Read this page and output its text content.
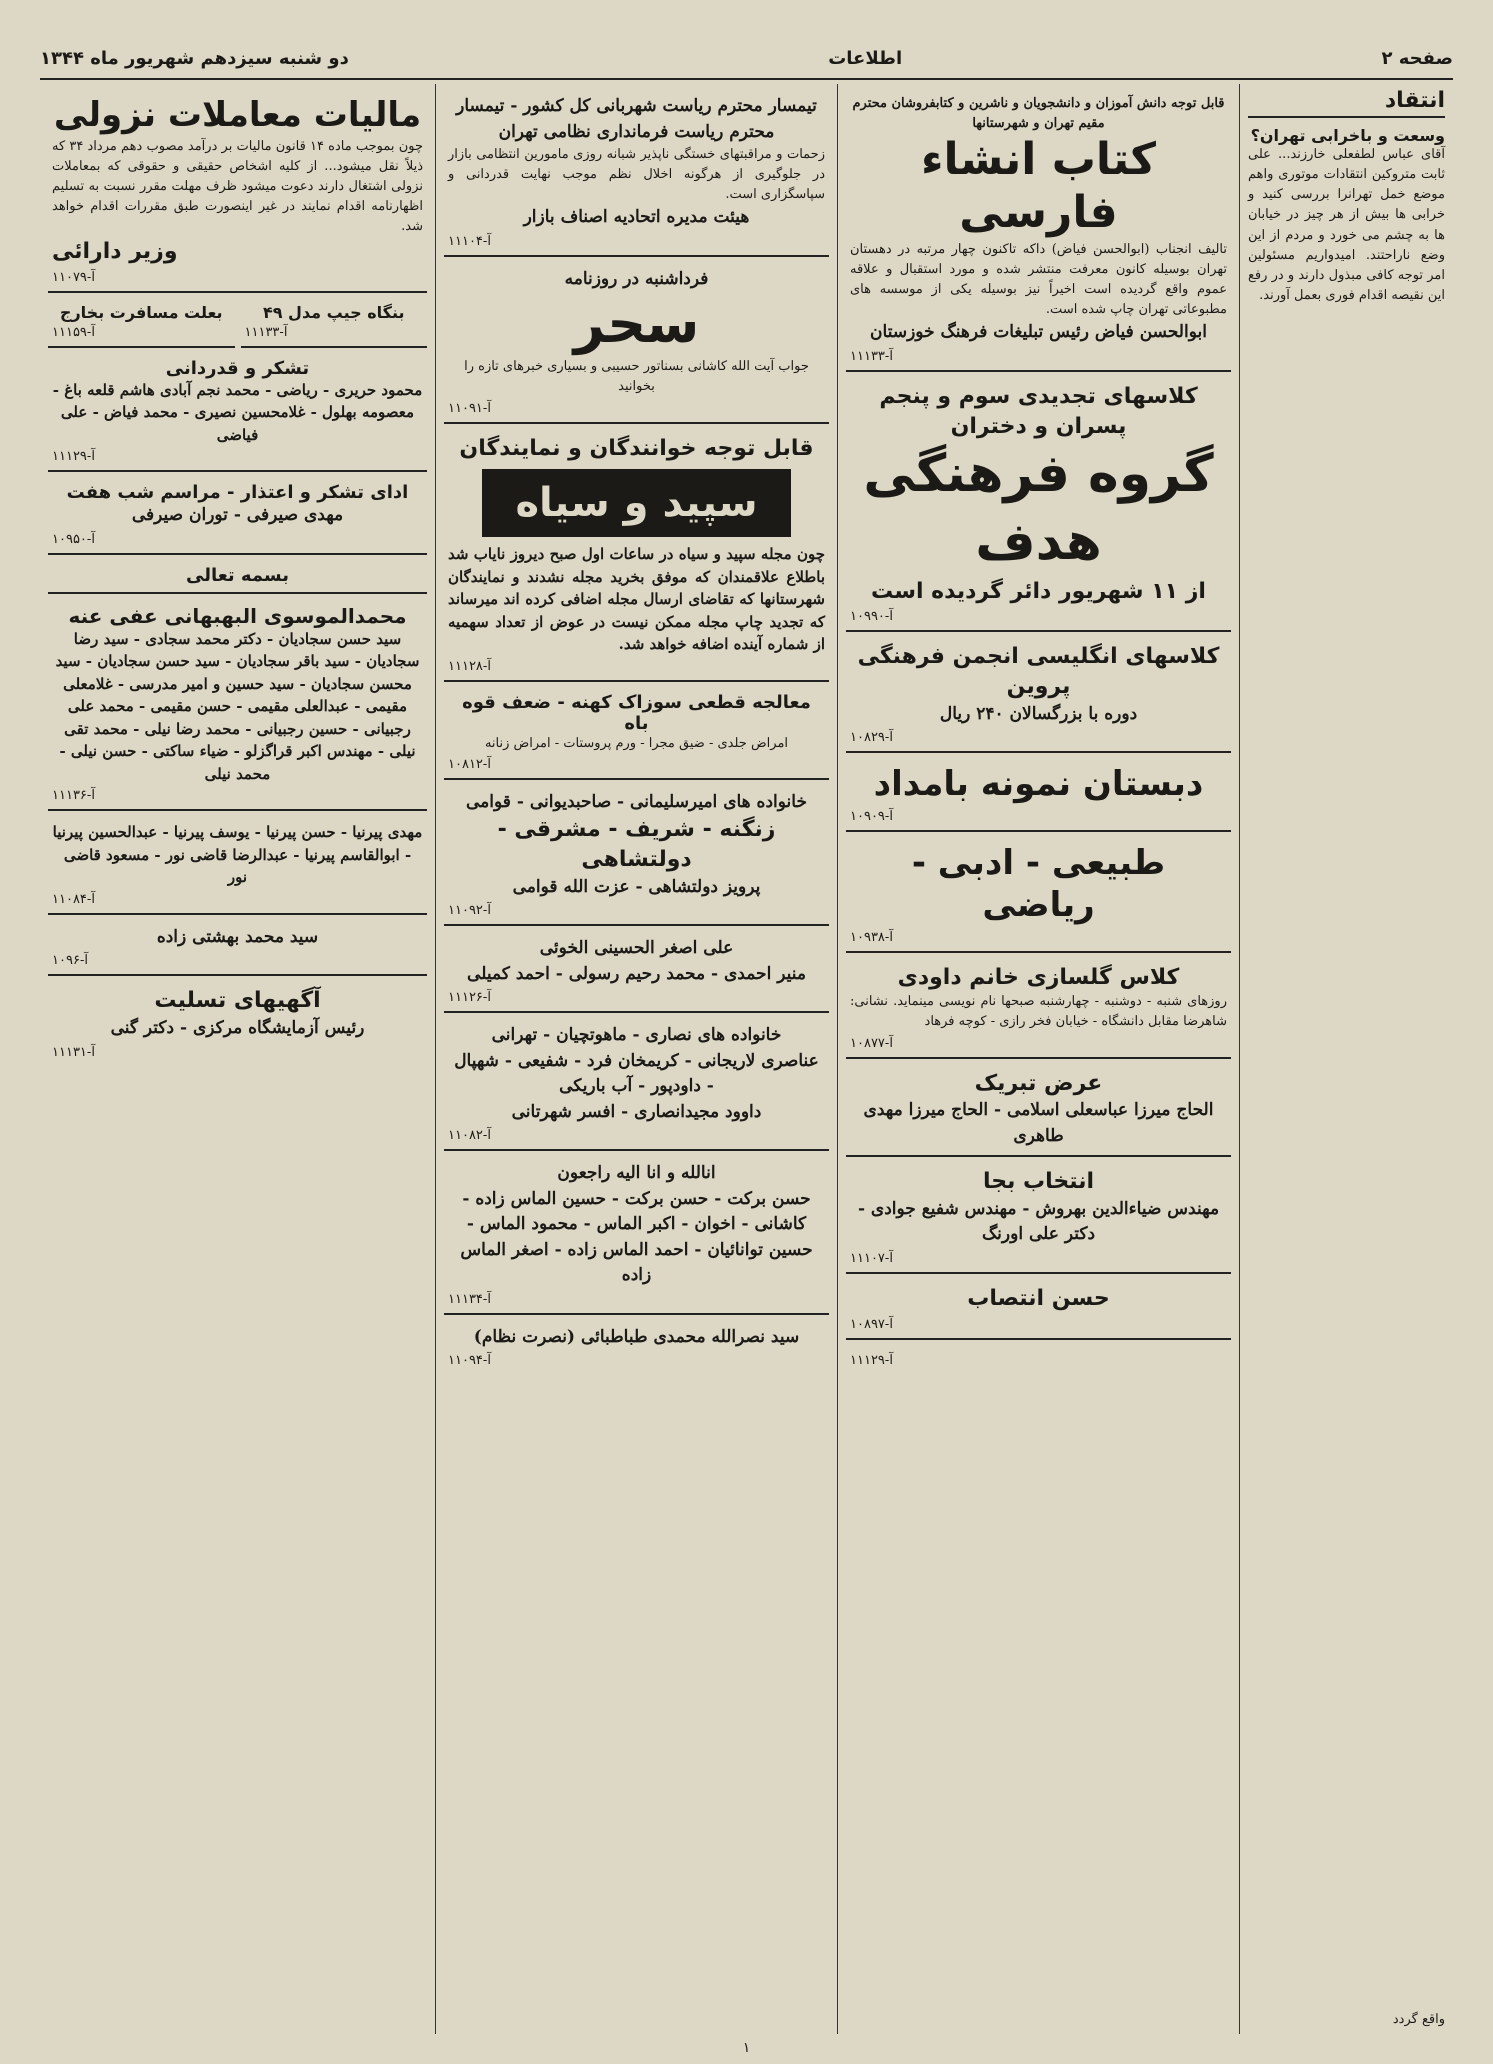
صفحه ۲
اطلاعات
دو شنبه سیزدهم شهریور ماه ۱۳۴۴
انتقاد
وسعت و باخرابی تهران؟
آقای عباس لطفعلی خارزند... علی ثابت متروکین انتقادات موتوری واهم موضع خمل تهرانرا بررسی کنید و خرابی ها بیش از هر چیز در خیابان ها به چشم می خورد و مردم از این وضع ناراحتند. امیدواریم مسئولین امر توجه کافی مبذول دارند و در رفع این نقیصه اقدام فوری بعمل آورند.
واقع گردد
قابل توجه دانش آموزان و دانشجویان و ناشرین و کتابفروشان محترم مقیم تهران و شهرستانها
کتاب انشاء فارسی
تالیف انجناب (ابوالحسن فیاض) داکه تاکنون چهار مرتبه در دهستان تهران بوسیله کانون معرفت منتشر شده و مورد استقبال و علاقه عموم واقع گردیده است اخیراً نیز بوسیله یکی از موسسه های مطبوعاتی تهران چاپ شده است.
ابوالحسن فیاض رئیس تبلیغات فرهنگ خوزستان
آ-۱۱۱۳۳
کلاسهای تجدیدی سوم و پنجم پسران و دختران
گروه فرهنگی هدف
از ۱۱ شهریور دائر گردیده است
آ-۱۰۹۹۰
کلاسهای انگلیسی انجمن فرهنگی پروین
دوره با بزرگسالان ۲۴۰ ریال
آ-۱۰۸۲۹
دبستان نمونه بامداد
آ-۱۰۹۰۹
طبیعی - ادبی - ریاضی
آ-۱۰۹۳۸
کلاس گلسازی خانم داودی
روزهای شنبه - دوشنبه - چهارشنبه صبحها نام نویسی مینماید. نشانی: شاهرضا مقابل دانشگاه - خیابان فخر رازی - کوچه فرهاد
آ-۱۰۸۷۷
عرض تبریک
الحاج میرزا عباسعلی اسلامی - الحاج میرزا مهدی طاهری
انتخاب بجا
مهندس ضیاءالدین بهروش - مهندس شفیع جوادی - دکتر علی اورنگ
آ-۱۱۱۰۷
حسن انتصاب
آ-۱۰۸۹۷
آ-۱۱۱۲۹
تیمسار محترم ریاست شهربانی کل کشور - تیمسار محترم ریاست فرمانداری نظامی تهران
زحمات و مراقبتهای خستگی ناپذیر شبانه روزی مامورین انتظامی بازار در جلوگیری از هرگونه اخلال نظم موجب نهایت قدردانی و سپاسگزاری است.
هیئت مدیره اتحادیه اصناف بازار
آ-۱۱۱۰۴
فرداشنبه در روزنامه
سحر
جواب آیت الله کاشانی بسناتور حسیبی و بسیاری خبرهای تازه را بخوانید
آ-۱۱۰۹۱
قابل توجه خوانندگان و نمایندگان
سپید و سیاه
چون مجله سپید و سیاه در ساعات اول صبح دیروز نایاب شد باطلاع علاقمندان که موفق بخرید مجله نشدند و نمایندگان شهرستانها که تقاضای ارسال مجله اضافی کرده اند میرساند که تجدید چاپ مجله ممکن نیست در عوض از تعداد سهمیه از شماره آینده اضافه خواهد شد.
آ-۱۱۱۲۸
معالجه قطعی سوزاک کهنه - ضعف قوه باه
امراض جلدی - ضیق مجرا - ورم پروستات - امراض زنانه
آ-۱۰۸۱۲
خانواده های امیرسلیمانی - صاحبدیوانی - قوامی
زنگنه - شریف - مشرقی - دولتشاهی
پرویز دولتشاهی - عزت الله قوامی
آ-۱۱۰۹۲
علی اصغر الحسینی الخوئی
منیر احمدی - محمد رحیم رسولی - احمد کمیلی
آ-۱۱۱۲۶
خانواده های نصاری - ماهوتچیان - تهرانی
عناصری لاریجانی - کریمخان فرد - شفیعی - شهپال - داودپور - آب باریکی
داوود مجیدانصاری - افسر شهرتانی
آ-۱۱۰۸۲
انالله و انا الیه راجعون
حسن برکت - حسن برکت - حسین الماس زاده - کاشانی - اخوان - اکبر الماس - محمود الماس - حسین توانائیان - احمد الماس زاده - اصغر الماس زاده
آ-۱۱۱۳۴
سید نصرالله محمدی طباطبائی (نصرت نظام)
آ-۱۱۰۹۴
مالیات معاملات نزولی
چون بموجب ماده ۱۴ قانون مالیات بر درآمد مصوب دهم مرداد ۳۴ که ذیلاً نقل میشود... از کلیه اشخاص حقیقی و حقوقی که بمعاملات نزولی اشتغال دارند دعوت میشود ظرف مهلت مقرر نسبت به تسلیم اظهارنامه اقدام نمایند در غیر اینصورت طبق مقررات اقدام خواهد شد.
وزیر دارائی
آ-۱۱۰۷۹
بنگاه جیپ مدل ۴۹
آ-۱۱۱۳۳
بعلت مسافرت بخارج
آ-۱۱۱۵۹
تشکر و قدردانی
محمود حریری - ریاضی - محمد نجم آبادی هاشم قلعه باغ - معصومه بهلول - غلامحسین نصیری - محمد فیاض - علی فیاضی
آ-۱۱۱۲۹
ادای تشکر و اعتذار - مراسم شب هفت
مهدی صیرفی - توران صیرفی
آ-۱۰۹۵۰
بسمه تعالی
محمدالموسوی البهبهانی عفی عنه
سید حسن سجادیان - دکتر محمد سجادی - سید رضا سجادیان - سید باقر سجادیان - سید حسن سجادیان - سید محسن سجادیان - سید حسین و امیر مدرسی - غلامعلی مقیمی - عبدالعلی مقیمی - حسن مقیمی - محمد علی رجبیانی - حسین رجبیانی - محمد رضا نیلی - محمد تقی نیلی - مهندس اکبر قراگزلو - ضیاء ساکتی - حسن نیلی - محمد نیلی
آ-۱۱۱۳۶
مهدی پیرنیا - حسن پیرنیا - یوسف پیرنیا - عبدالحسین پیرنیا - ابوالقاسم پیرنیا - عبدالرضا قاضی نور - مسعود قاضی نور
آ-۱۱۰۸۴
سید محمد بهشتی زاده
آ-۱۰۹۶
آگهیهای تسلیت
رئیس آزمایشگاه مرکزی - دکتر گنی
آ-۱۱۱۳۱
۱
